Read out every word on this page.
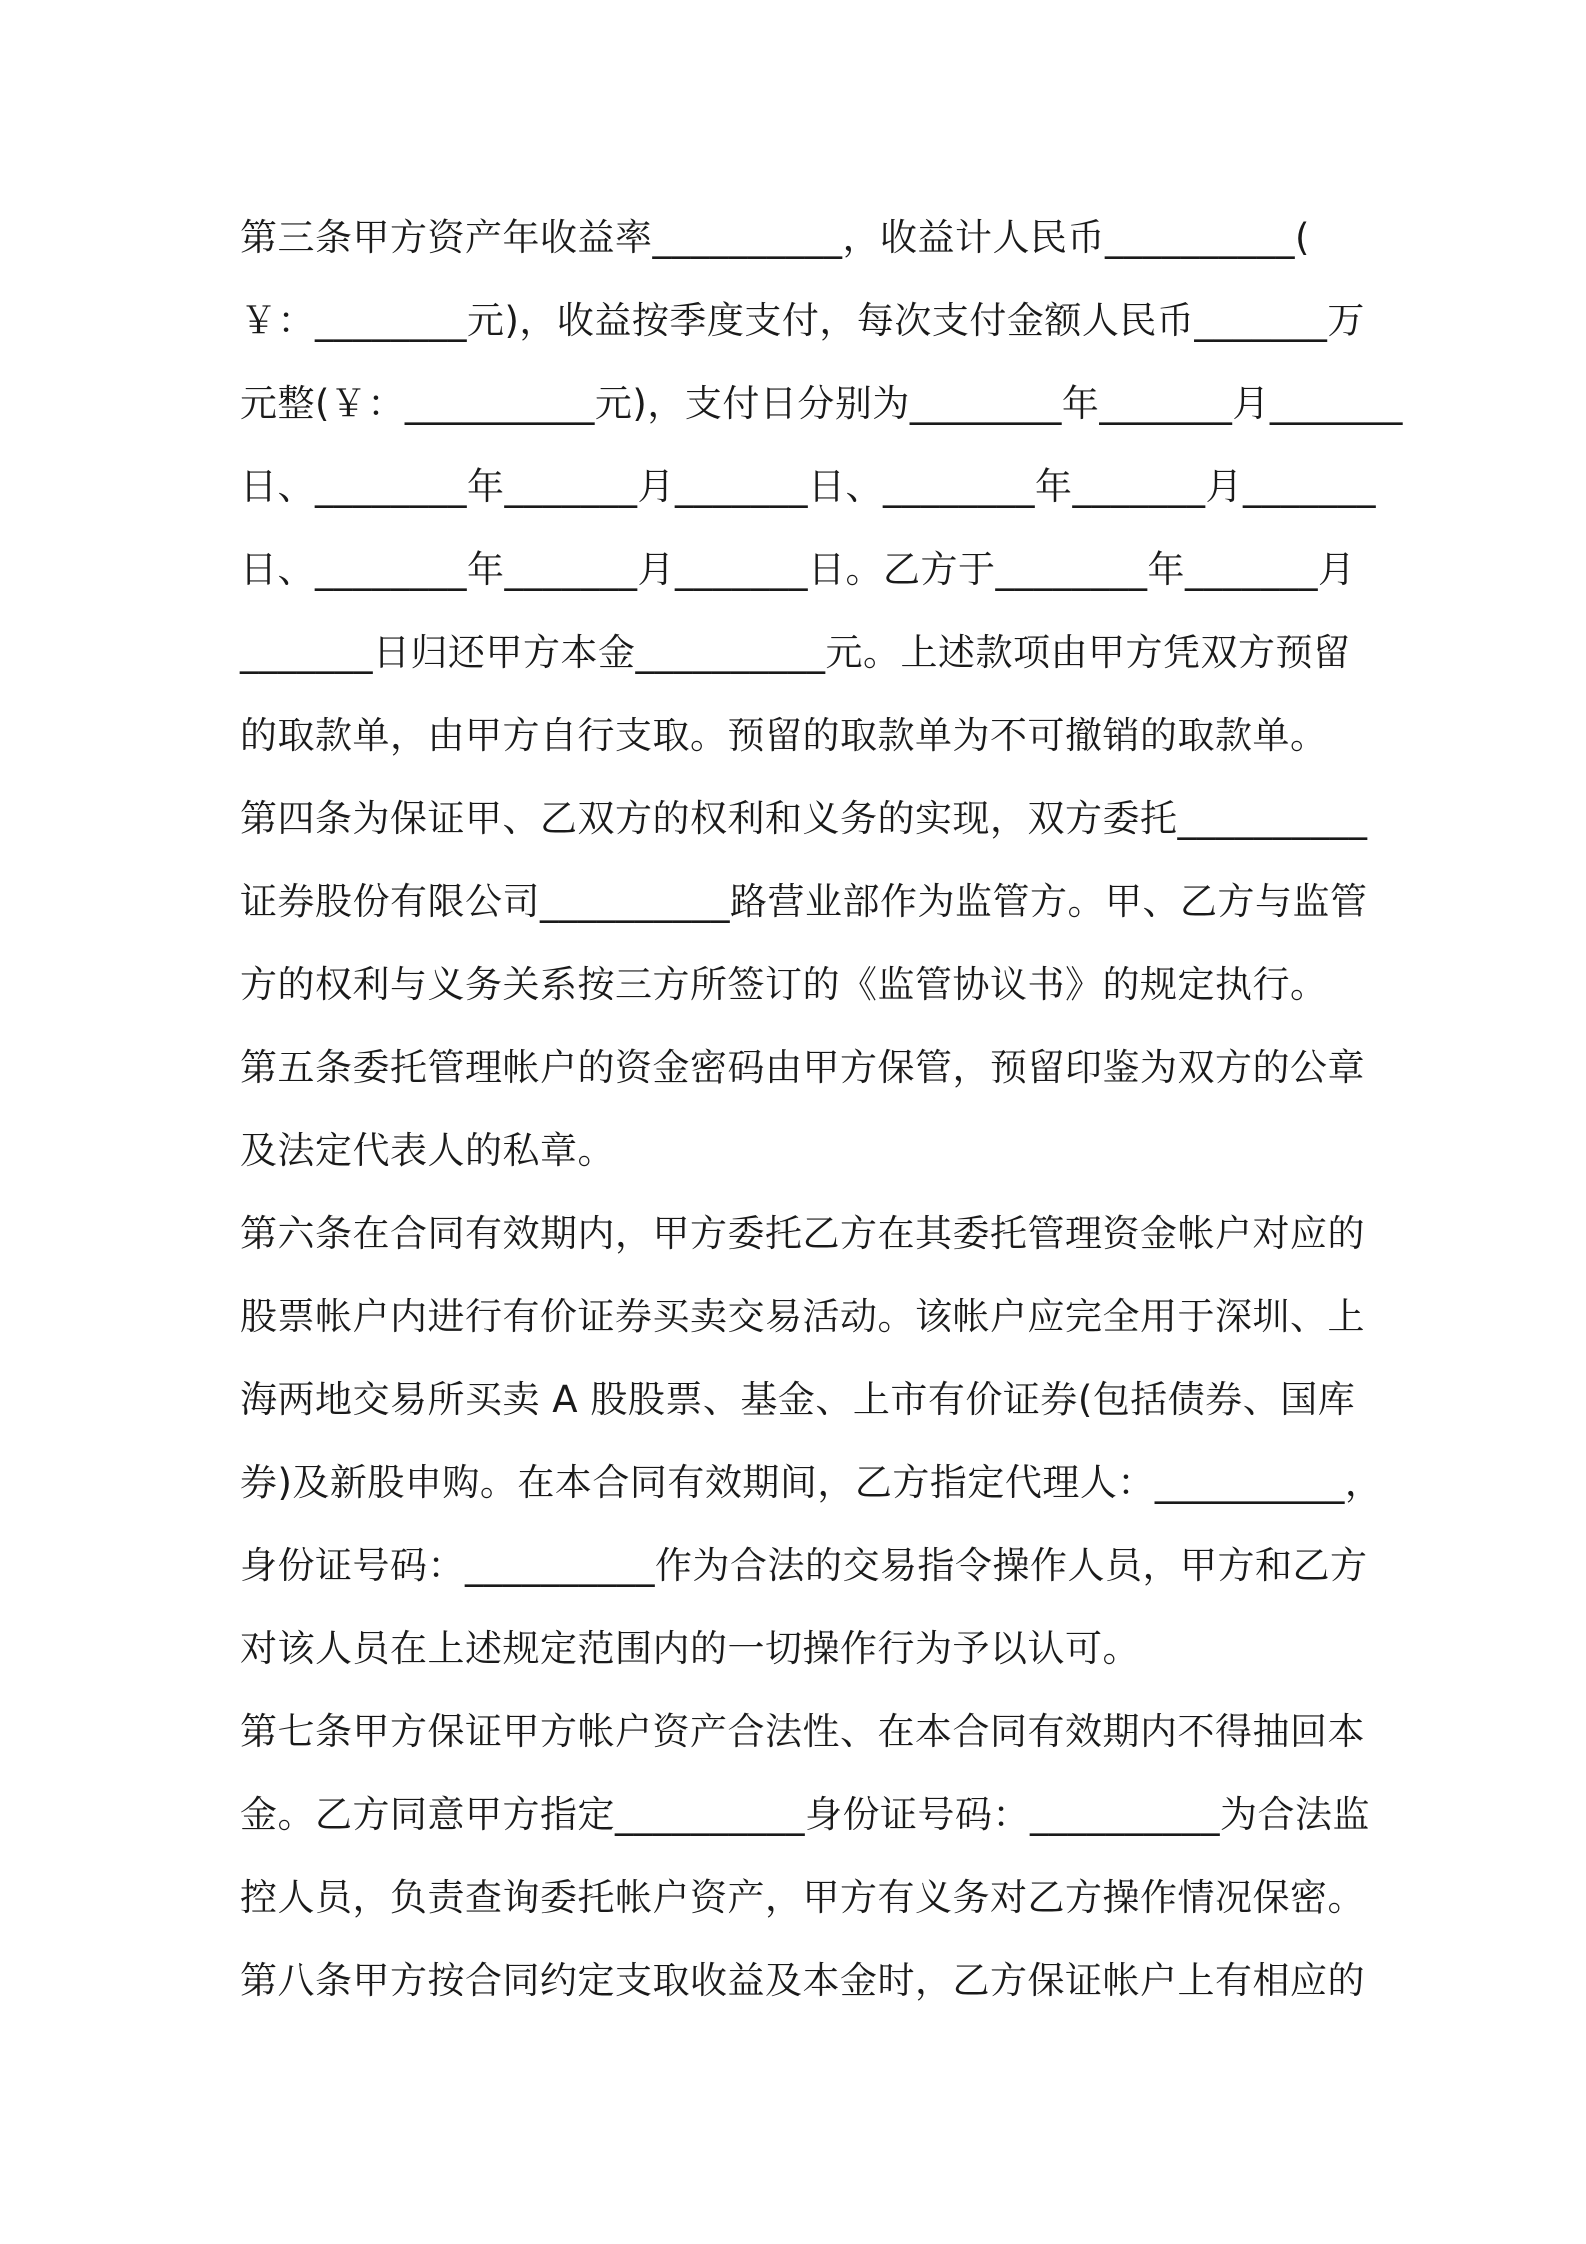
第三条甲方资产年收益率__________，收益计人民币__________(
￥：________元)，收益按季度支付，每次支付金额人民币_______万
元整(￥：__________元)，支付日分别为________年_______月_______
日、________年_______月_______日、________年_______月_______
日、________年_______月_______日。乙方于________年_______月
_______日归还甲方本金__________元。上述款项由甲方凭双方预留
的取款单，由甲方自行支取。预留的取款单为不可撤销的取款单。
第四条为保证甲、乙双方的权利和义务的实现，双方委托__________
证券股份有限公司__________路营业部作为监管方。甲、乙方与监管
方的权利与义务关系按三方所签订的《监管协议书》的规定执行。
第五条委托管理帐户的资金密码由甲方保管，预留印鉴为双方的公章
及法定代表人的私章。
第六条在合同有效期内，甲方委托乙方在其委托管理资金帐户对应的
股票帐户内进行有价证券买卖交易活动。该帐户应完全用于深圳、上
海两地交易所买卖 A 股股票、基金、上市有价证券(包括债券、国库
券)及新股申购。在本合同有效期间，乙方指定代理人：__________，
身份证号码：__________作为合法的交易指令操作人员，甲方和乙方
对该人员在上述规定范围内的一切操作行为予以认可。
第七条甲方保证甲方帐户资产合法性、在本合同有效期内不得抽回本
金。乙方同意甲方指定__________身份证号码：__________为合法监
控人员，负责查询委托帐户资产，甲方有义务对乙方操作情况保密。
第八条甲方按合同约定支取收益及本金时，乙方保证帐户上有相应的
